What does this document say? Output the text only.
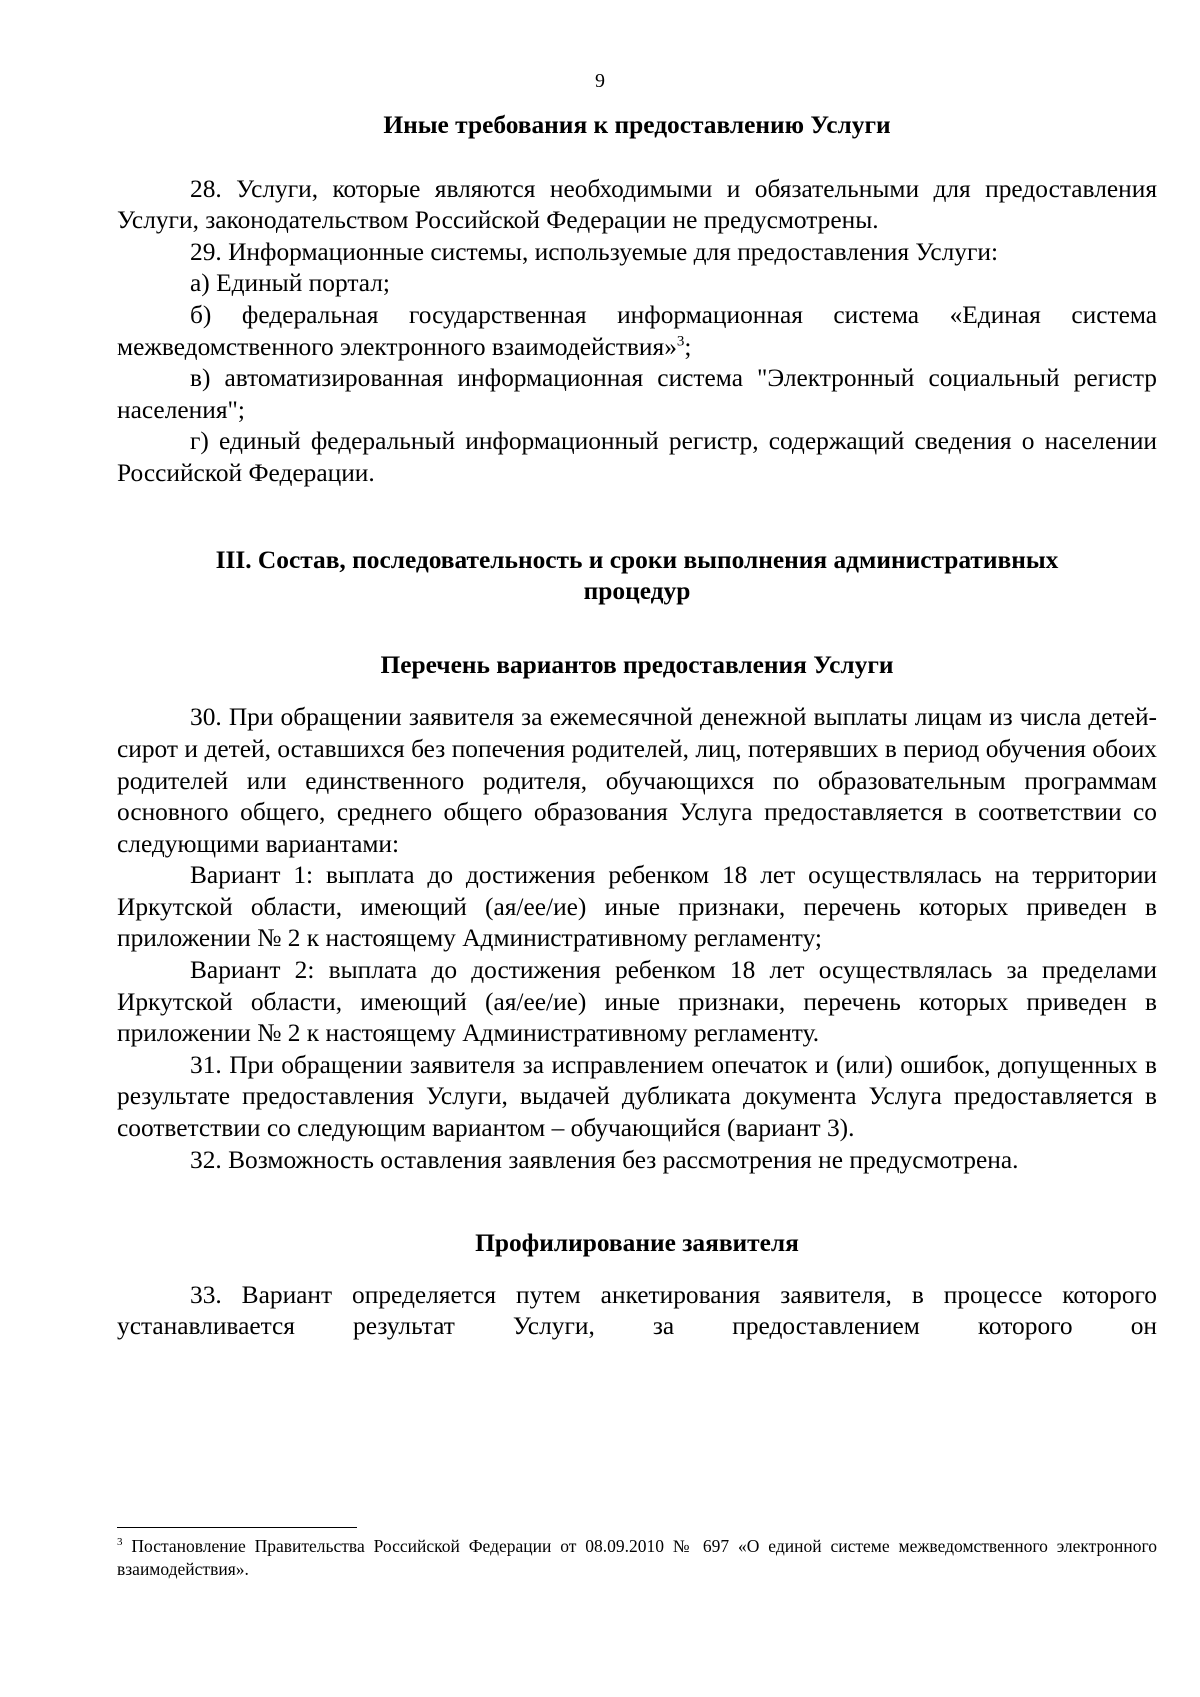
9
Иные требования к предоставлению Услуги

28. Услуги, которые являются необходимыми и обязательными для предоставления Услуги, законодательством Российской Федерации не предусмотрены.

29. Информационные системы, используемые для предоставления Услуги:

а) Единый портал;

б) федеральная государственная информационная система «Единая система межведомственного электронного взаимодействия»$^3$;

в) автоматизированная информационная система "Электронный социальный регистр населения";

г) единый федеральный информационный регистр, содержащий сведения о населении Российской Федерации.

III. Состав, последовательность и сроки выполнения административных
процедур
Перечень вариантов предоставления Услуги

30. При обращении заявителя за ежемесячной денежной выплаты лицам из числа детей-сирот и детей, оставшихся без попечения родителей, лиц, потерявших в период обучения обоих родителей или единственного родителя, обучающихся по образовательным программам основного общего, среднего общего образования Услуга предоставляется в соответствии со следующими вариантами:

Вариант 1: выплата до достижения ребенком 18 лет осуществлялась на территории Иркутской области, имеющий (ая/ее/ие) иные признаки, перечень которых приведен в приложении № 2 к настоящему Административному регламенту;

Вариант 2: выплата до достижения ребенком 18 лет осуществлялась за пределами Иркутской области, имеющий (ая/ее/ие) иные признаки, перечень которых приведен в приложении № 2 к настоящему Административному регламенту.

31. При обращении заявителя за исправлением опечаток и (или) ошибок, допущенных в результате предоставления Услуги, выдачей дубликата документа Услуга предоставляется в соответствии со следующим вариантом – обучающийся (вариант 3).

32. Возможность оставления заявления без рассмотрения не предусмотрена.

Профилирование заявителя

33. Вариант определяется путем анкетирования заявителя, в процессе которого устанавливается результат Услуги, за предоставлением которого он

$^3$ Постановление Правительства Российской Федерации от 08.09.2010 № 697 «О единой системе межведомственного электронного взаимодействия».
